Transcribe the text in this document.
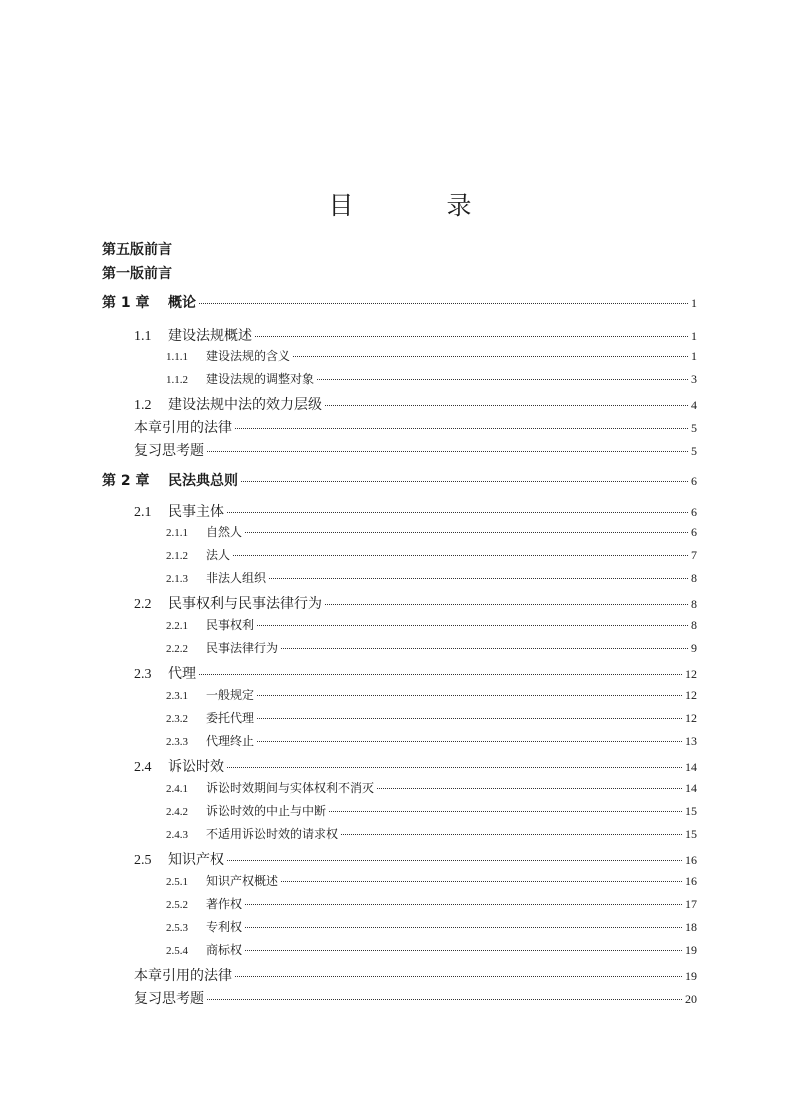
目　录
第五版前言
第一版前言
第 1 章	概论	1
1.1	建设法规概述	1
1.1.1	建设法规的含义	1
1.1.2	建设法规的调整对象	3
1.2	建设法规中法的效力层级	4
本章引用的法律	5
复习思考题	5
第 2 章	民法典总则	6
2.1	民事主体	6
2.1.1	自然人	6
2.1.2	法人	7
2.1.3	非法人组织	8
2.2	民事权利与民事法律行为	8
2.2.1	民事权利	8
2.2.2	民事法律行为	9
2.3	代理	12
2.3.1	一般规定	12
2.3.2	委托代理	12
2.3.3	代理终止	13
2.4	诉讼时效	14
2.4.1	诉讼时效期间与实体权利不消灭	14
2.4.2	诉讼时效的中止与中断	15
2.4.3	不适用诉讼时效的请求权	15
2.5	知识产权	16
2.5.1	知识产权概述	16
2.5.2	著作权	17
2.5.3	专利权	18
2.5.4	商标权	19
本章引用的法律	19
复习思考题	20
